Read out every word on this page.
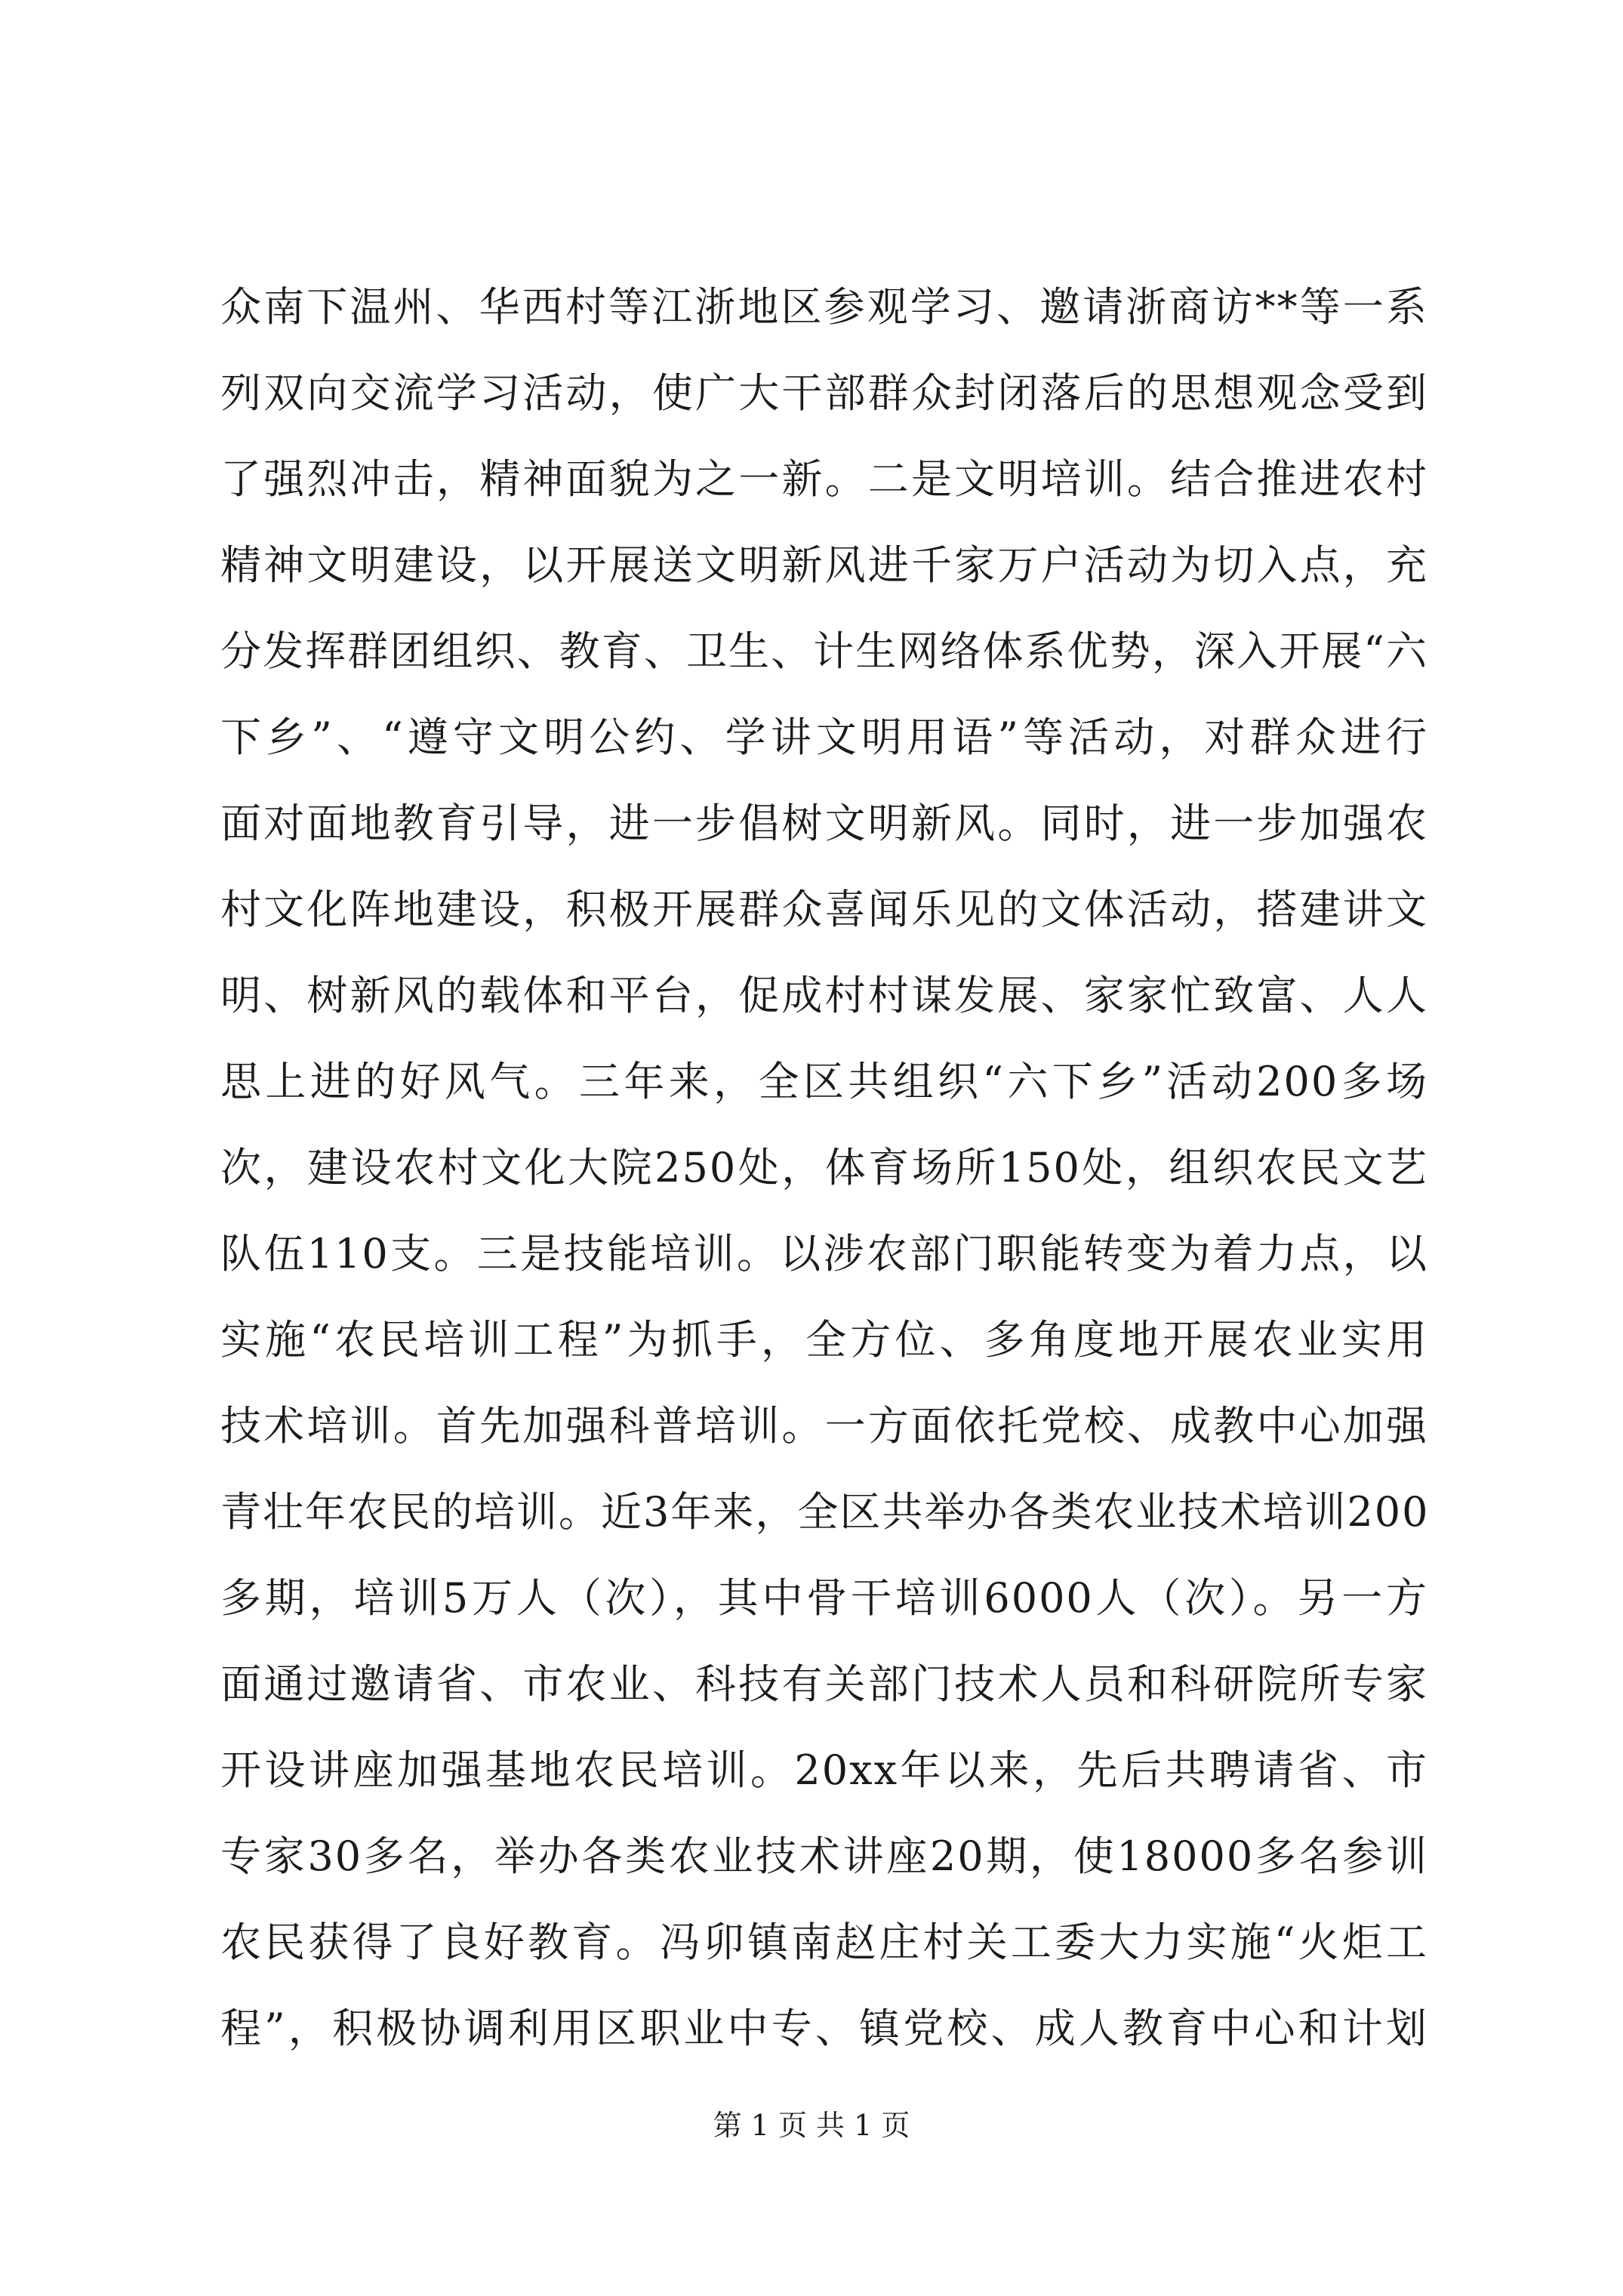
众南下温州、华西村等江浙地区参观学习、邀请浙商访**等一系
列双向交流学习活动，使广大干部群众封闭落后的思想观念受到
了强烈冲击，精神面貌为之一新。二是文明培训。结合推进农村
精神文明建设，以开展送文明新风进千家万户活动为切入点，充
分发挥群团组织、教育、卫生、计生网络体系优势，深入开展“六
下乡”、“遵守文明公约、学讲文明用语”等活动，对群众进行
面对面地教育引导，进一步倡树文明新风。同时，进一步加强农
村文化阵地建设，积极开展群众喜闻乐见的文体活动，搭建讲文
明、树新风的载体和平台，促成村村谋发展、家家忙致富、人人
思上进的好风气。三年来，全区共组织“六下乡”活动200多场
次，建设农村文化大院250处，体育场所150处，组织农民文艺
队伍110支。三是技能培训。以涉农部门职能转变为着力点，以
实施“农民培训工程”为抓手，全方位、多角度地开展农业实用
技术培训。首先加强科普培训。一方面依托党校、成教中心加强
青壮年农民的培训。近3年来，全区共举办各类农业技术培训200
多期，培训5万人（次），其中骨干培训6000人（次）。另一方
面通过邀请省、市农业、科技有关部门技术人员和科研院所专家
开设讲座加强基地农民培训。20xx年以来，先后共聘请省、市
专家30多名，举办各类农业技术讲座20期，使18000多名参训
农民获得了良好教育。冯卯镇南赵庄村关工委大力实施“火炬工
程”，积极协调利用区职业中专、镇党校、成人教育中心和计划
第 1 页 共 1 页
